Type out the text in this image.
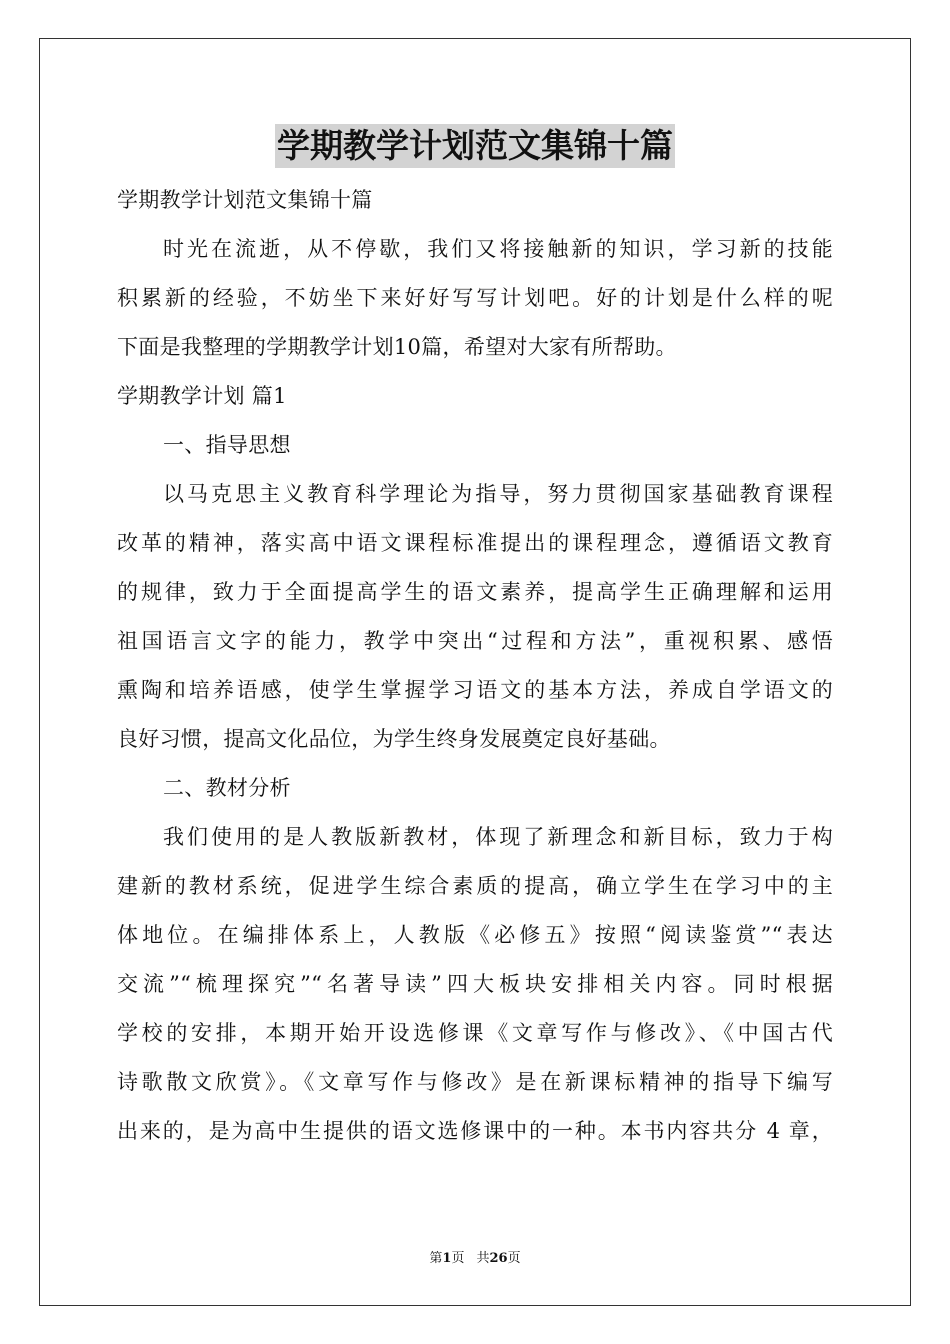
学期教学计划范文集锦十篇
学期教学计划范文集锦十篇
时光在流逝，从不停歇，我们又将接触新的知识，学习新的技能
积累新的经验，不妨坐下来好好写写计划吧。好的计划是什么样的呢
下面是我整理的学期教学计划10篇，希望对大家有所帮助。
学期教学计划 篇1
一、指导思想
以马克思主义教育科学理论为指导，努力贯彻国家基础教育课程
改革的精神，落实高中语文课程标准提出的课程理念，遵循语文教育
的规律，致力于全面提高学生的语文素养，提高学生正确理解和运用
祖国语言文字的能力，教学中突出“过程和方法”，重视积累、感悟
熏陶和培养语感，使学生掌握学习语文的基本方法，养成自学语文的
良好习惯，提高文化品位，为学生终身发展奠定良好基础。
二、教材分析
我们使用的是人教版新教材，体现了新理念和新目标，致力于构
建新的教材系统，促进学生综合素质的提高，确立学生在学习中的主
体地位。在编排体系上，人教版《必修五》按照“阅读鉴赏”“表达
交流”“梳理探究”“名著导读”四大板块安排相关内容。同时根据
学校的安排，本期开始开设选修课《文章写作与修改》、《中国古代
诗歌散文欣赏》。《文章写作与修改》是在新课标精神的指导下编写
出来的，是为高中生提供的语文选修课中的一种。本书内容共分 4 章，
第1页 共26页
